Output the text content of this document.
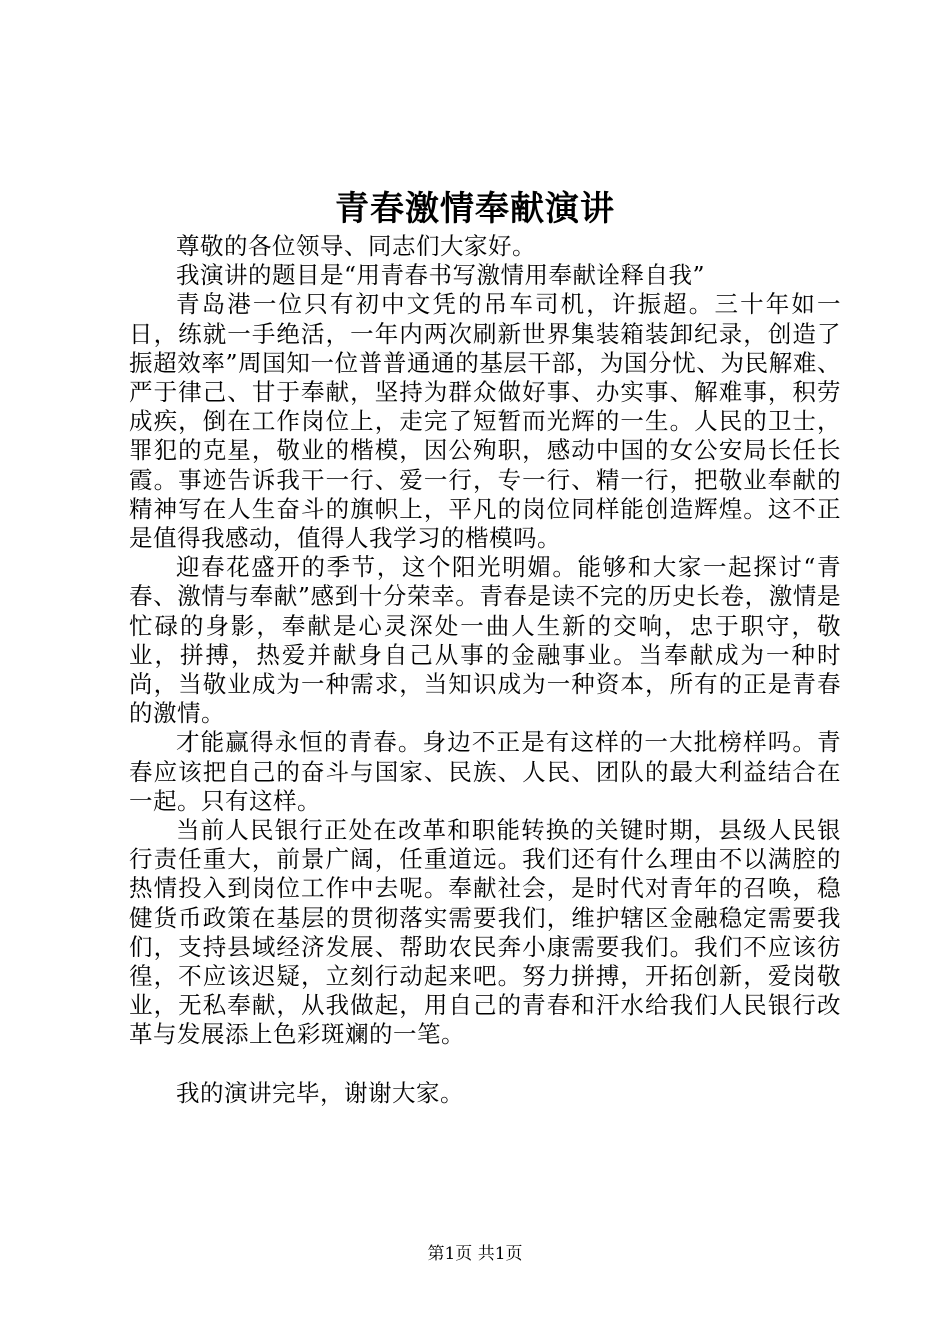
青春激情奉献演讲

尊敬的各位领导、同志们大家好。

我演讲的题目是“用青春书写激情用奉献诠释自我”

青岛港一位只有初中文凭的吊车司机，许振超。三十年如一日，练就一手绝活，一年内两次刷新世界集装箱装卸纪录，创造了振超效率”周国知一位普普通通的基层干部，为国分忧、为民解难、严于律己、甘于奉献，坚持为群众做好事、办实事、解难事，积劳成疾，倒在工作岗位上，走完了短暂而光辉的一生。人民的卫士，罪犯的克星，敬业的楷模，因公殉职，感动中国的女公安局长任长霞。事迹告诉我干一行、爱一行，专一行、精一行，把敬业奉献的精神写在人生奋斗的旗帜上，平凡的岗位同样能创造辉煌。这不正是值得我感动，值得人我学习的楷模吗。

迎春花盛开的季节，这个阳光明媚。能够和大家一起探讨“青春、激情与奉献”感到十分荣幸。青春是读不完的历史长卷，激情是忙碌的身影，奉献是心灵深处一曲人生新的交响，忠于职守，敬业，拼搏，热爱并献身自己从事的金融事业。当奉献成为一种时尚，当敬业成为一种需求，当知识成为一种资本，所有的正是青春的激情。

才能赢得永恒的青春。身边不正是有这样的一大批榜样吗。青春应该把自己的奋斗与国家、民族、人民、团队的最大利益结合在一起。只有这样。

当前人民银行正处在改革和职能转换的关键时期，县级人民银行责任重大，前景广阔，任重道远。我们还有什么理由不以满腔的热情投入到岗位工作中去呢。奉献社会，是时代对青年的召唤，稳健货币政策在基层的贯彻落实需要我们，维护辖区金融稳定需要我们，支持县域经济发展、帮助农民奔小康需要我们。我们不应该彷徨，不应该迟疑，立刻行动起来吧。努力拼搏，开拓创新，爱岗敬业，无私奉献，从我做起，用自己的青春和汗水给我们人民银行改革与发展添上色彩斑斓的一笔。

我的演讲完毕，谢谢大家。

第1页 共1页
